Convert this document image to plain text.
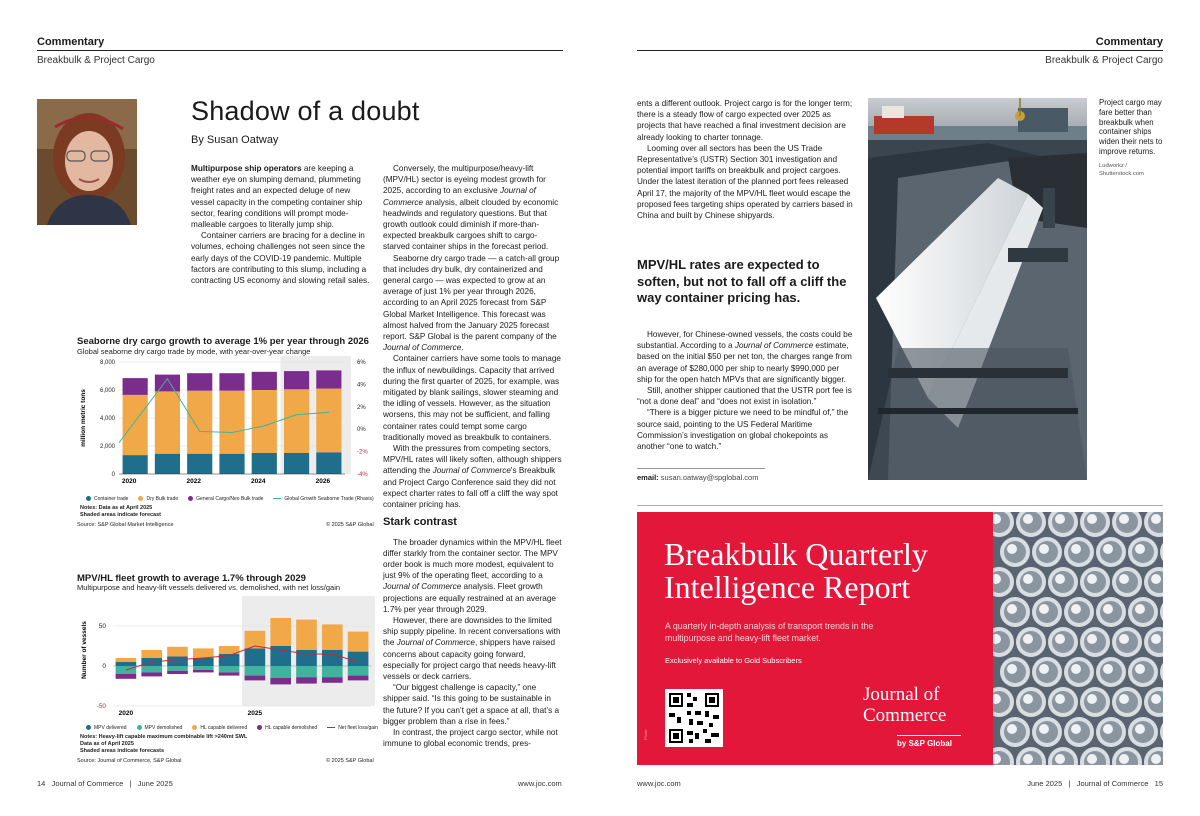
Commentary
Breakbulk & Project Cargo
Shadow of a doubt
By Susan Oatway

Multipurpose ship operators are keeping a weather eye on slumping demand, plummeting freight rates and an expected deluge of new vessel capacity in the competing container ship sector, fearing conditions will prompt mode-malleable cargoes to literally jump ship.

Container carriers are bracing for a decline in volumes, echoing challenges not seen since the early days of the COVID-19 pandemic. Multiple factors are contributing to this slump, including a contracting US economy and slowing retail sales.

Conversely, the multipurpose/heavy-lift (MPV/HL) sector is eyeing modest growth for 2025, according to an exclusive Journal of Commerce analysis, albeit clouded by economic headwinds and regulatory questions. But that growth outlook could diminish if more-than-expected breakbulk cargoes shift to cargo-starved container ships in the forecast period.

Seaborne dry cargo trade — a catch-all group that includes dry bulk, dry containerized and general cargo — was expected to grow at an average of just 1% per year through 2026, according to an April 2025 forecast from S&P Global Market Intelligence. This forecast was almost halved from the January 2025 forecast report. S&P Global is the parent company of the Journal of Commerce.

Container carriers have some tools to manage the influx of newbuildings. Capacity that arrived during the first quarter of 2025, for example, was mitigated by blank sailings, slower steaming and the idling of vessels. However, as the situation worsens, this may not be sufficient, and falling container rates could tempt some cargo traditionally moved as breakbulk to containers.

With the pressures from competing sectors, MPV/HL rates will likely soften, although shippers attending the Journal of Commerce's Breakbulk and Project Cargo Conference said they did not expect charter rates to fall off a cliff the way spot container pricing has.

Stark contrast

The broader dynamics within the MPV/HL fleet differ starkly from the container sector. The MPV order book is much more modest, equivalent to just 9% of the operating fleet, according to a Journal of Commerce analysis. Fleet growth projections are equally restrained at an average 1.7% per year through 2029.

However, there are downsides to the limited ship supply pipeline. In recent conversations with the Journal of Commerce, shippers have raised concerns about capacity going forward, especially for project cargo that needs heavy-lift vessels or deck carriers.

“Our biggest challenge is capacity,” one shipper said. “Is this going to be sustainable in the future? If you can’t get a space at all, that’s a bigger problem than a rise in fees.”

In contrast, the project cargo sector, while not immune to global economic trends, pres-

Seaborne dry cargo growth to average 1% per year through 2026
Global seaborne dry cargo trade by mode, with year-over-year change
0
2,000
4,000
6,000
8,000
-4%
-2%
0%
2%
4%
6%
million metric tons
2020	2022	2024	2026
Container trade	Dry Bulk trade	General Cargo/Neo Bulk trade	Global Growth Seaborne Trade (Rhaxis)
Notes: Data as at April 2025
Shaded areas indicate forecast
Source: S&P Global Market Intelligence	© 2025 S&P Global
MPV/HL fleet growth to average 1.7% through 2029
Multipurpose and heavy-lift vessels delivered vs. demolished, with net loss/gain
-50
0
50
Number of vessels
2020	2025
MPV delivered	MPV demolished	HL capable delivered	HL capable demolished	Net fleet loss/gain
Notes: Heavy-lift capable maximum combinable lift >240mt SWL
Data as of April 2025
Shaded areas indicate forecasts
Source: Journal of Commerce, S&P Global	© 2025 S&P Global
14   Journal of Commerce   |   June 2025	www.joc.com
Commentary
Breakbulk & Project Cargo

ents a different outlook. Project cargo is for the longer term; there is a steady flow of cargo expected over 2025 as projects that have reached a final investment decision are already looking to charter tonnage.

Looming over all sectors has been the US Trade Representative’s (USTR) Section 301 investigation and potential import tariffs on breakbulk and project cargoes. Under the latest iteration of the planned port fees released April 17, the majority of the MPV/HL fleet would escape the proposed fees targeting ships operated by carriers based in China and built by Chinese shipyards.

MPV/HL rates are expected to soften, but not to fall off a cliff the way container pricing has.

However, for Chinese-owned vessels, the costs could be substantial. According to a Journal of Commerce estimate, based on the initial $50 per net ton, the charges range from an average of $280,000 per ship to nearly $990,000 per ship for the open hatch MPVs that are significantly bigger.

Still, another shipper cautioned that the USTR port fee is “not a done deal” and “does not exist in isolation.”

“There is a bigger picture we need to be mindful of,” the source said, pointing to the US Federal Maritime Commission’s investigation on global chokepoints as another “one to watch.”

email: susan.oatway@spglobal.com
Project cargo may fare better than breakbulk when container ships widen their nets to improve returns.
Ludworkz / Shutterstock.com
Breakbulk Quarterly Intelligence Report
A quarterly in-depth analysis of transport trends in the multipurpose and heavy-lift fleet market.
Exclusively available to Gold Subscribers
Photo
Journal of
Commerce
by S&P Global
www.joc.com	June 2025   |   Journal of Commerce   15
